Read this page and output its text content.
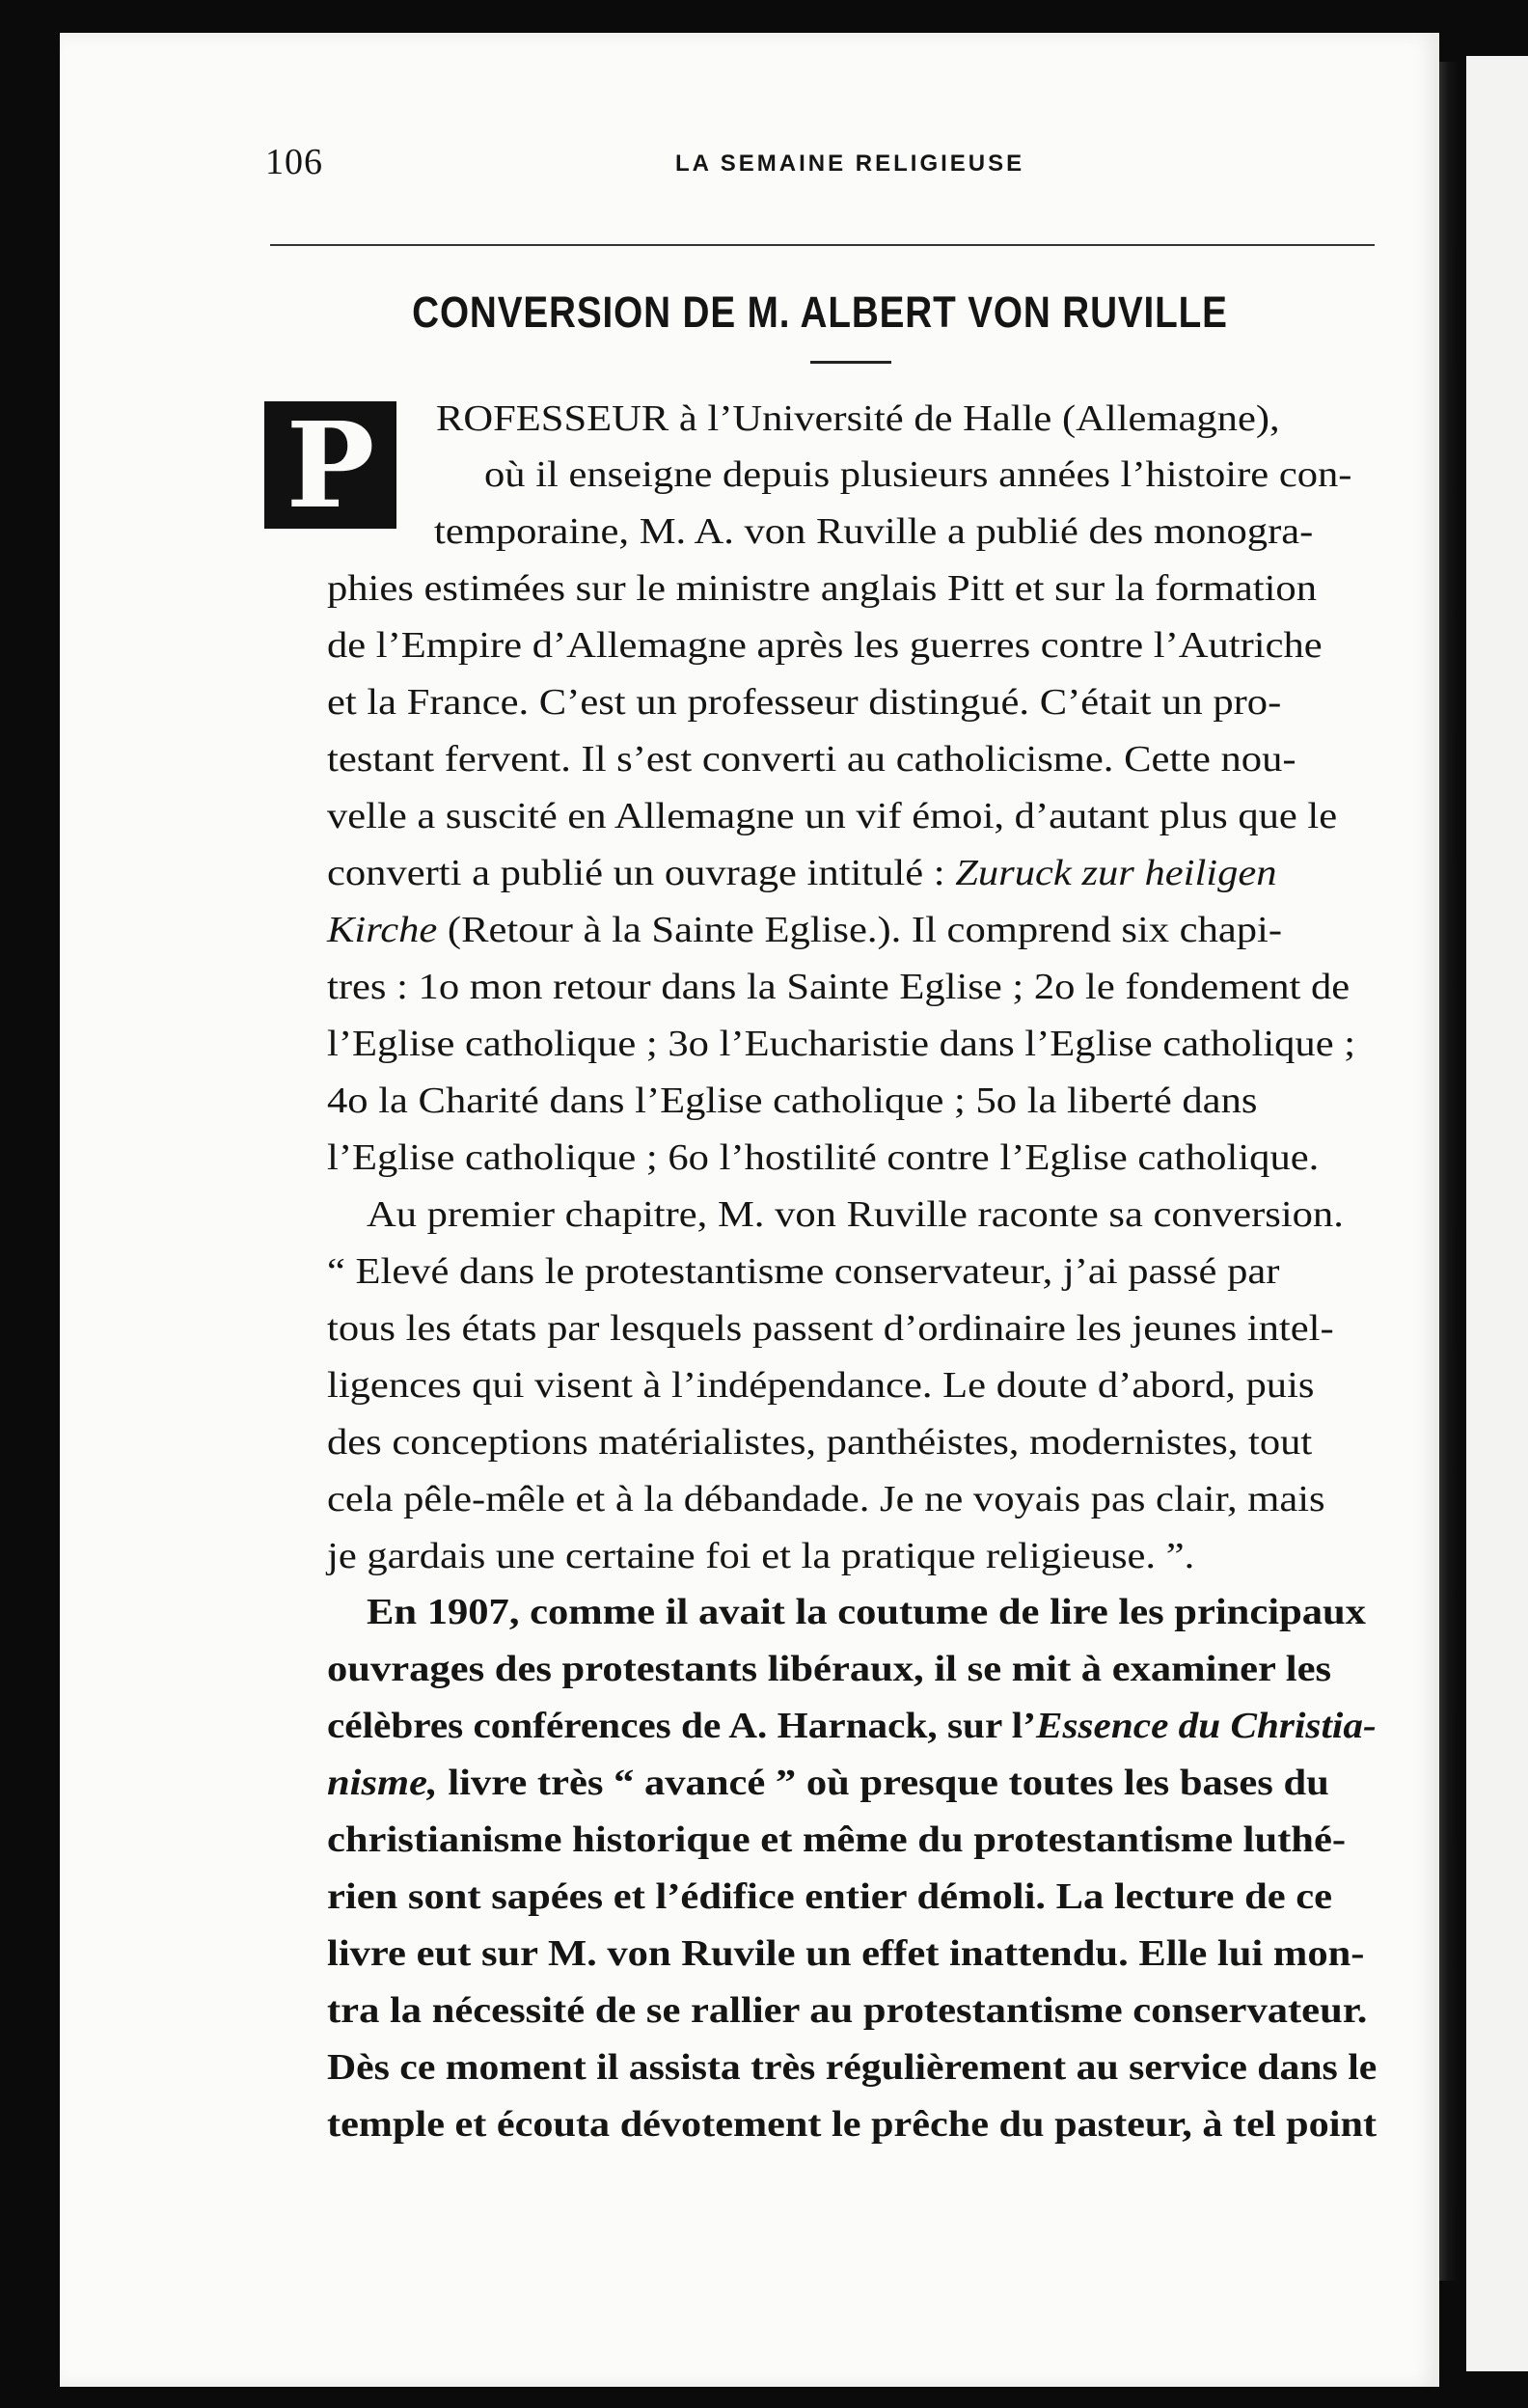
106	LA SEMAINE RELIGIEUSE
CONVERSION DE M. ALBERT VON RUVILLE
P	ROFESSEUR à l’Université de Halle (Allemagne),
où il enseigne depuis plusieurs années l’histoire con-
temporaine, M. A. von Ruville a publié des monogra-
phies estimées sur le ministre anglais Pitt et sur la formation
de l’Empire d’Allemagne après les guerres contre l’Autriche
et la France. C’est un professeur distingué. C’était un pro-
testant fervent. Il s’est converti au catholicisme. Cette nou-
velle a suscité en Allemagne un vif émoi, d’autant plus que le
converti a publié un ouvrage intitulé : Zuruck zur heiligen
Kirche (Retour à la Sainte Eglise.). Il comprend six chapi-
tres : 1o mon retour dans la Sainte Eglise ; 2o le fondement de
l’Eglise catholique ; 3o l’Eucharistie dans l’Eglise catholique ;
4o la Charité dans l’Eglise catholique ; 5o la liberté dans
l’Eglise catholique ; 6o l’hostilité contre l’Eglise catholique.
Au premier chapitre, M. von Ruville raconte sa conversion.
“ Elevé dans le protestantisme conservateur, j’ai passé par
tous les états par lesquels passent d’ordinaire les jeunes intel-
ligences qui visent à l’indépendance. Le doute d’abord, puis
des conceptions matérialistes, panthéistes, modernistes, tout
cela pêle-mêle et à la débandade. Je ne voyais pas clair, mais
je gardais une certaine foi et la pratique religieuse. ”.
En 1907, comme il avait la coutume de lire les principaux
ouvrages des protestants libéraux, il se mit à examiner les
célèbres conférences de A. Harnack, sur l’Essence du Christia-
nisme, livre très “ avancé ” où presque toutes les bases du
christianisme historique et même du protestantisme luthé-
rien sont sapées et l’édifice entier démoli. La lecture de ce
livre eut sur M. von Ruvile un effet inattendu. Elle lui mon-
tra la nécessité de se rallier au protestantisme conservateur.
Dès ce moment il assista très régulièrement au service dans le
temple et écouta dévotement le prêche du pasteur, à tel point
